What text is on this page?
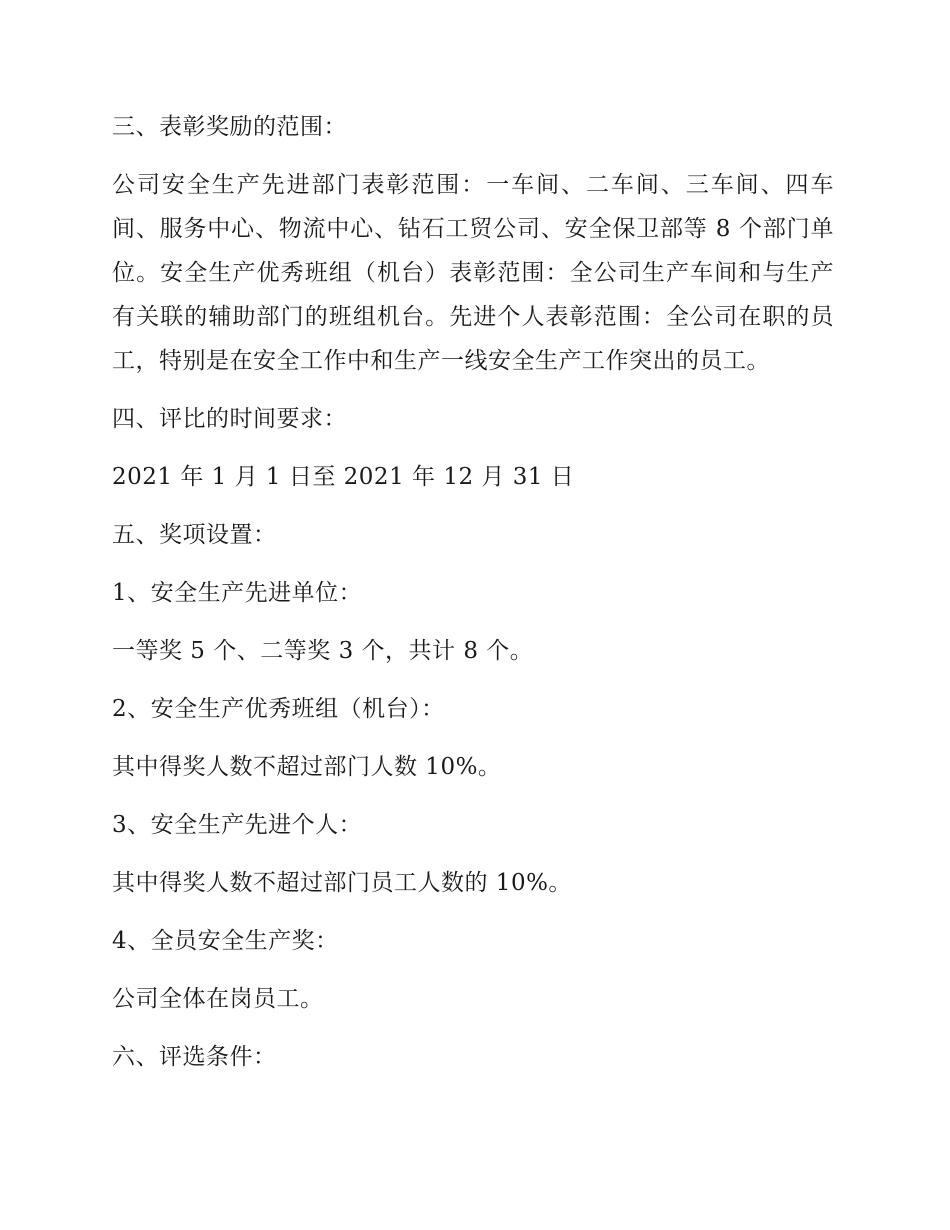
三、表彰奖励的范围：

公司安全生产先进部门表彰范围：一车间、二车间、三车间、四车间、服务中心、物流中心、钻石工贸公司、安全保卫部等 8 个部门单位。安全生产优秀班组（机台）表彰范围：全公司生产车间和与生产有关联的辅助部门的班组机台。先进个人表彰范围：全公司在职的员工，特别是在安全工作中和生产一线安全生产工作突出的员工。

四、评比的时间要求：

2021 年 1 月 1 日至 2021 年 12 月 31 日

五、奖项设置：

1、安全生产先进单位：

一等奖 5 个、二等奖 3 个，共计 8 个。

2、安全生产优秀班组（机台）：

其中得奖人数不超过部门人数 10%。

3、安全生产先进个人：

其中得奖人数不超过部门员工人数的 10%。

4、全员安全生产奖：

公司全体在岗员工。

六、评选条件：
